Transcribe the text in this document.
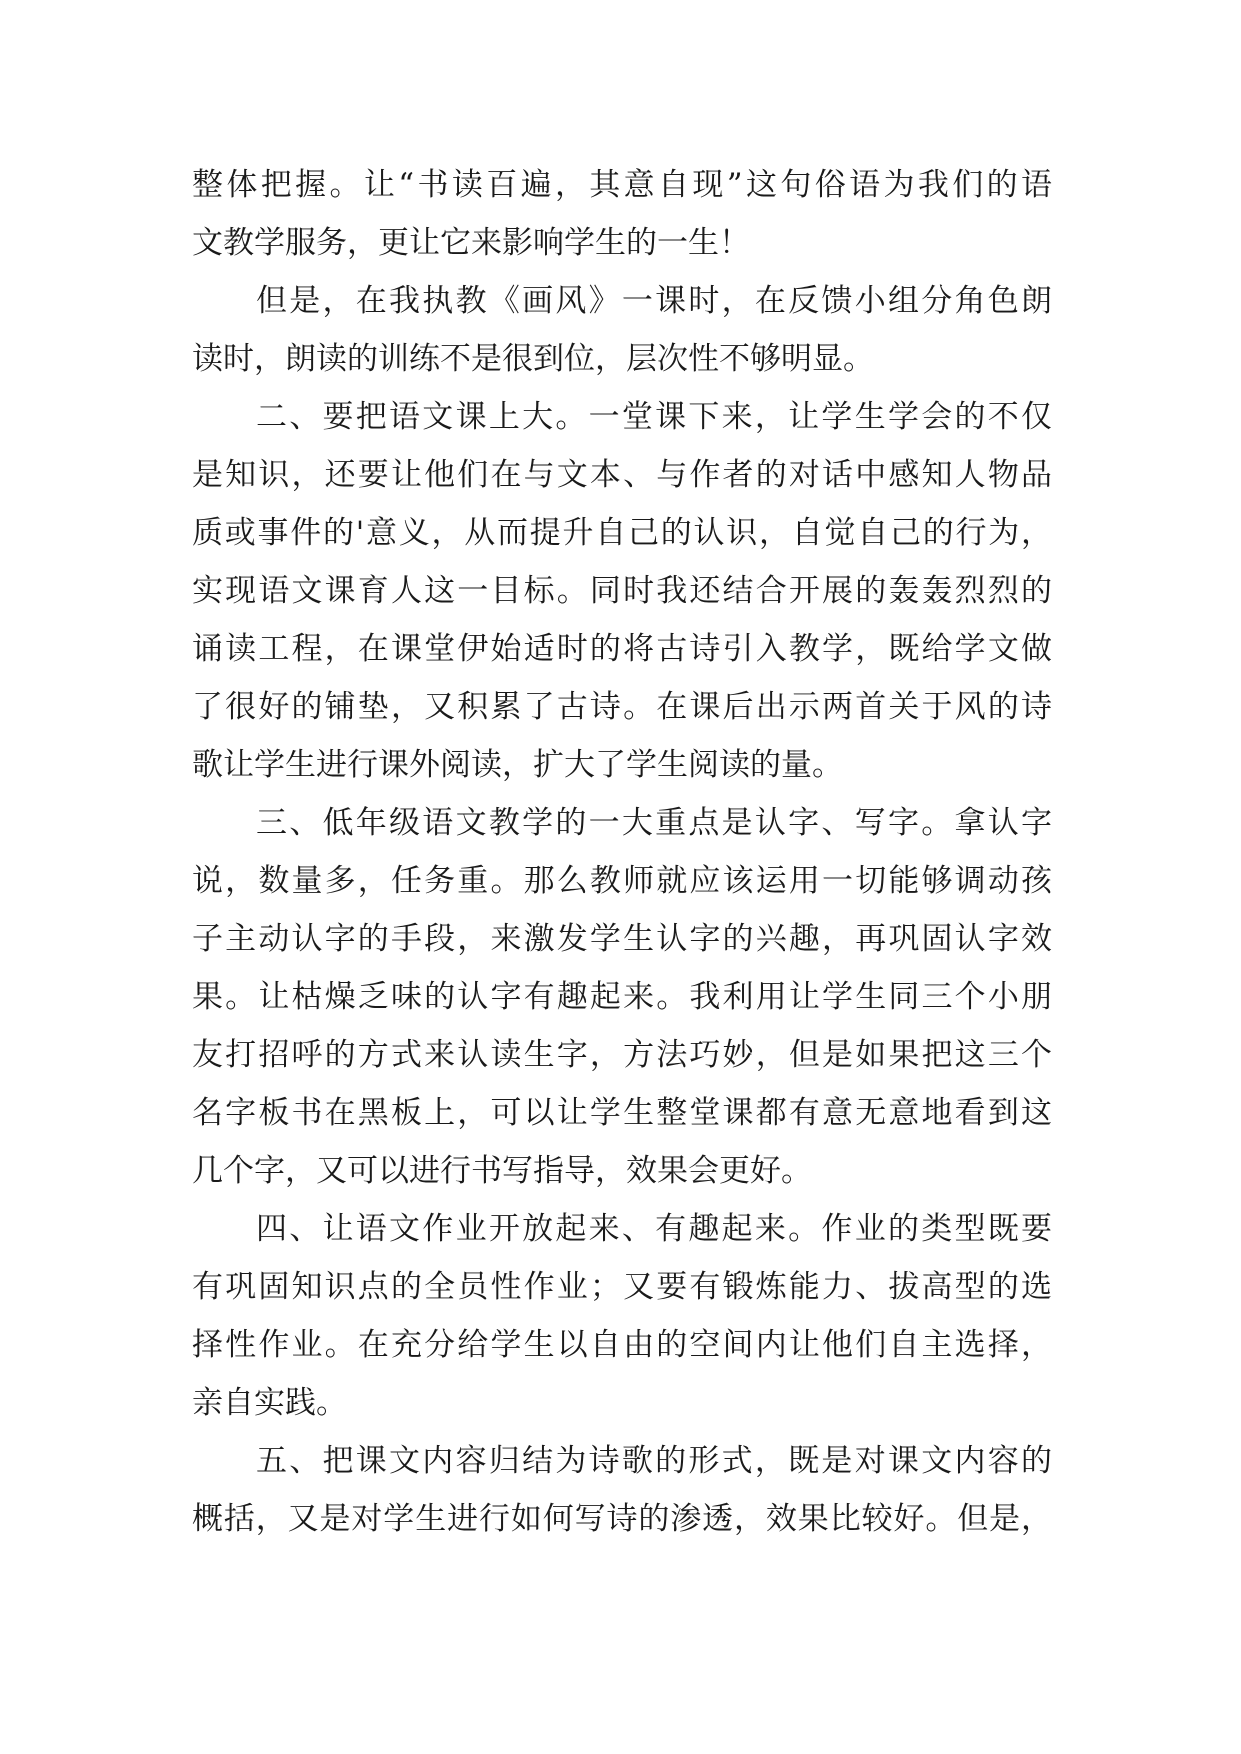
整体把握。让“书读百遍，其意自现”这句俗语为我们的语
文教学服务，更让它来影响学生的一生！
但是，在我执教《画风》一课时，在反馈小组分角色朗
读时，朗读的训练不是很到位，层次性不够明显。
二、要把语文课上大。一堂课下来，让学生学会的不仅
是知识，还要让他们在与文本、与作者的对话中感知人物品
质或事件的'意义，从而提升自己的认识，自觉自己的行为，
实现语文课育人这一目标。同时我还结合开展的轰轰烈烈的
诵读工程，在课堂伊始适时的将古诗引入教学，既给学文做
了很好的铺垫，又积累了古诗。在课后出示两首关于风的诗
歌让学生进行课外阅读，扩大了学生阅读的量。
三、低年级语文教学的一大重点是认字、写字。拿认字
说，数量多，任务重。那么教师就应该运用一切能够调动孩
子主动认字的手段，来激发学生认字的兴趣，再巩固认字效
果。让枯燥乏味的认字有趣起来。我利用让学生同三个小朋
友打招呼的方式来认读生字，方法巧妙，但是如果把这三个
名字板书在黑板上，可以让学生整堂课都有意无意地看到这
几个字，又可以进行书写指导，效果会更好。
四、让语文作业开放起来、有趣起来。作业的类型既要
有巩固知识点的全员性作业；又要有锻炼能力、拔高型的选
择性作业。在充分给学生以自由的空间内让他们自主选择，
亲自实践。
五、把课文内容归结为诗歌的形式，既是对课文内容的
概括，又是对学生进行如何写诗的渗透，效果比较好。但是，
